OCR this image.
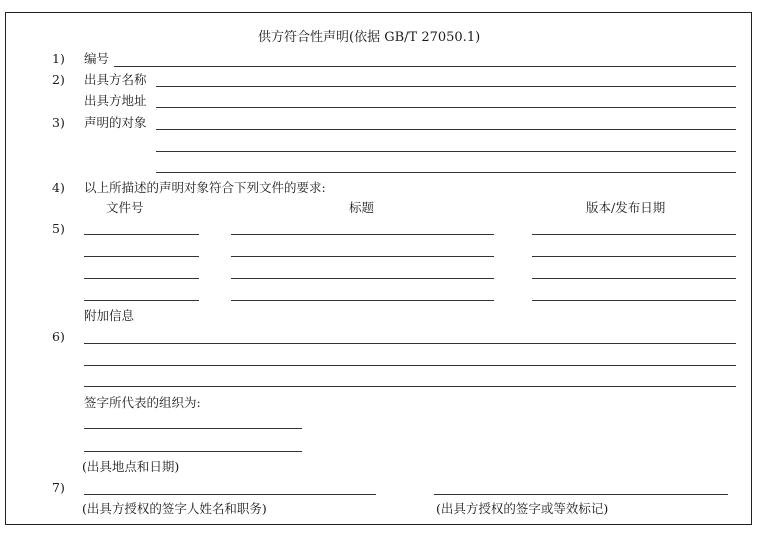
供方符合性声明(依据 GB/T 27050.1)
1) 编号
2) 出具方名称
出具方地址
3) 声明的对象
4) 以上所描述的声明对象符合下列文件的要求:
文件号	标题	版本/发布日期
5)
附加信息
6)
签字所代表的组织为:
(出具地点和日期)
7)
(出具方授权的签字人姓名和职务)	(出具方授权的签字或等效标记)
